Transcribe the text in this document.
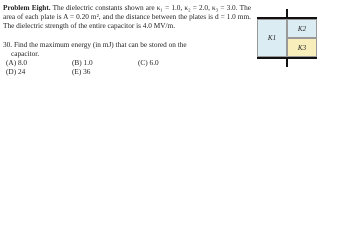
Problem Eight. The dielectric constants shown are κ₁ = 1.0, κ₂ = 2.0, κ₃ = 3.0. The area of each plate is A = 0.20 m², and the distance between the plates is d = 1.0 mm. The dielectric strength of the entire capacitor is 4.0 MV/m.

30. Find the maximum energy (in mJ) that can be stored on the

capacitor.

(A) 8.0	(B) 1.0	(C) 6.0
(D) 24	(E) 36
K1
K2
K3
